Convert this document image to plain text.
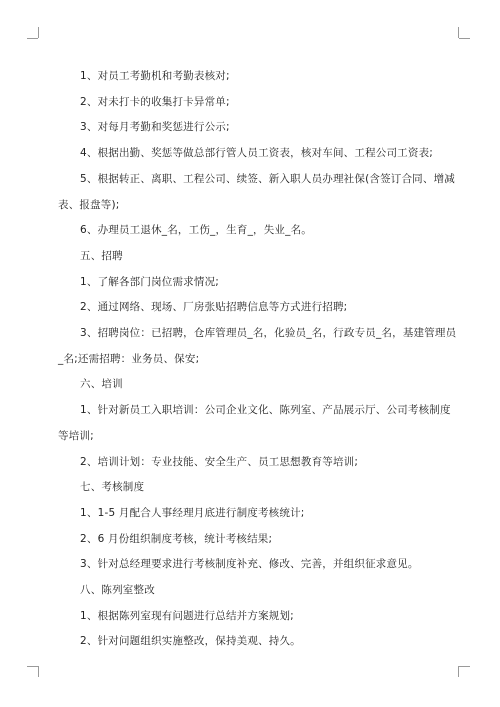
1、对员工考勤机和考勤表核对;
2、对未打卡的收集打卡异常单;
3、对每月考勤和奖惩进行公示;
4、根据出勤、奖惩等做总部行管人员工资表，核对车间、工程公司工资表;
5、根据转正、离职、工程公司、续签、新入职人员办理社保(含签订合同、增减
表、报盘等);
6、办理员工退休_名，工伤_，生育_，失业_名。
五、招聘
1、了解各部门岗位需求情况;
2、通过网络、现场、厂房张贴招聘信息等方式进行招聘;
3、招聘岗位：已招聘，仓库管理员_名，化验员_名，行政专员_名，基建管理员
_名;还需招聘：业务员、保安;
六、培训
1、针对新员工入职培训：公司企业文化、陈列室、产品展示厅、公司考核制度
等培训;
2、培训计划：专业技能、安全生产、员工思想教育等培训;
七、考核制度
1、1-5 月配合人事经理月底进行制度考核统计;
2、6 月份组织制度考核，统计考核结果;
3、针对总经理要求进行考核制度补充、修改、完善，并组织征求意见。
八、陈列室整改
1、根据陈列室现有问题进行总结并方案规划;
2、针对问题组织实施整改，保持美观、持久。
